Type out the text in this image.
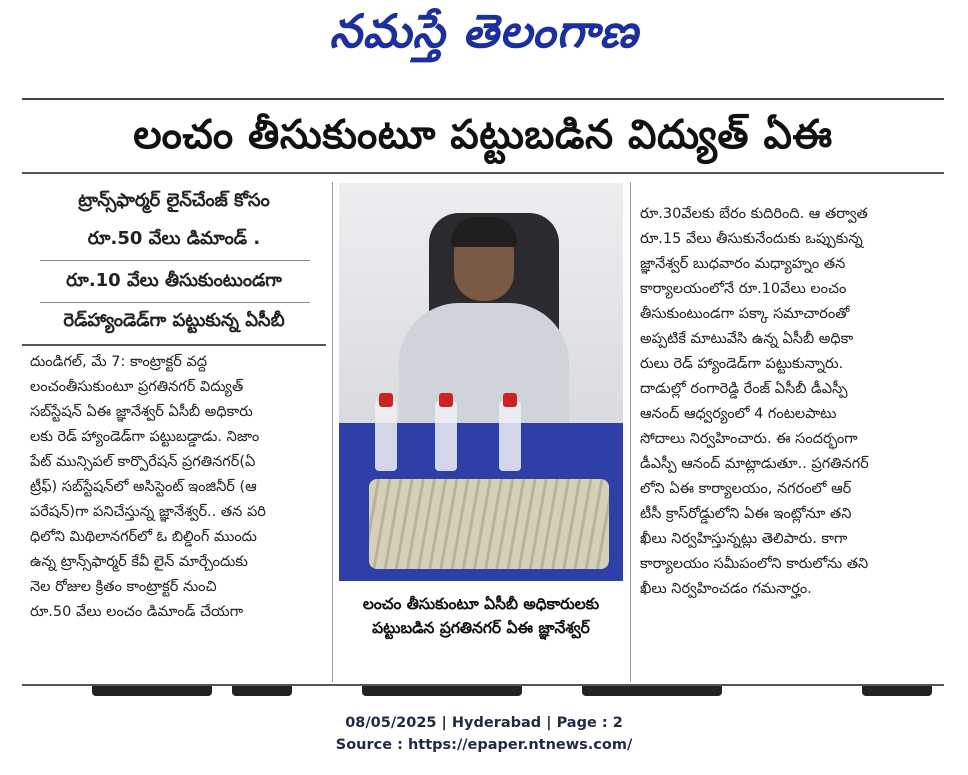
నమస్తే తెలంగాణ
లంచం తీసుకుంటూ పట్టుబడిన విద్యుత్ ఏఈ
ట్రాన్స్‌ఫార్మర్ లైన్‌చేంజ్ కోసం
రూ.50 వేలు డిమాండ్ .
రూ.10 వేలు తీసుకుంటుండగా
రెడ్‌హ్యాండెడ్‌గా పట్టుకున్న ఏసీబీ

దుండిగల్, మే 7: కాంట్రాక్టర్ వద్ద

లంచంతీసుకుంటూ ప్రగతినగర్ విద్యుత్

సబ్‌స్టేషన్ ఏఈ జ్ఞానేశ్వర్ ఏసీబీ అధికారు

లకు రెడ్ హ్యాండెడ్‌గా పట్టుబడ్డాడు. నిజాం

పేట్ మున్సిపల్ కార్పొరేషన్ ప్రగతినగర్(ఏ

ట్రీఫ్) సబ్‌స్టేషన్‌లో అసిస్టెంట్ ఇంజినీర్ (ఆ

పరేషన్)గా పనిచేస్తున్న జ్ఞానేశ్వర్.. తన పరి

ధిలోని మిథిలానగర్‌లో ఓ బిల్డింగ్ ముందు

ఉన్న ట్రాన్స్‌ఫార్మర్ కేవీ లైన్ మార్చేందుకు

నెల రోజుల క్రితం కాంట్రాక్టర్ నుంచి

రూ.50 వేలు లంచం డిమాండ్ చేయగా	లంచం తీసుకుంటూ ఏసీబీ అధికారులకు
పట్టుబడిన ప్రగతినగర్ ఏఈ జ్ఞానేశ్వర్

రూ.30వేలకు బేరం కుదిరింది. ఆ తర్వాత

రూ.15 వేలు తీసుకునేందుకు ఒప్పుకున్న

జ్ఞానేశ్వర్ బుధవారం మధ్యాహ్నం తన

కార్యాలయంలోనే రూ.10వేలు లంచం

తీసుకుంటుండగా పక్కా సమాచారంతో

అప్పటికే మాటువేసి ఉన్న ఏసీబీ అధికా

రులు రెడ్ హ్యాండెడ్‌గా పట్టుకున్నారు.

దాడుల్లో రంగారెడ్డి రేంజ్ ఏసీబీ డీఎస్పీ

ఆనంద్ ఆధ్వర్యంలో 4 గంటలపాటు

సోదాలు నిర్వహించారు. ఈ సందర్భంగా

డీఎస్పీ ఆనంద్ మాట్లాడుతూ.. ప్రగతినగర్

లోని ఏఈ కార్యాలయం, నగరంలో ఆర్

టీసీ క్రాస్‌రోడ్డులోని ఏఈ ఇంట్లోనూ తని

ఖీలు నిర్వహిస్తున్నట్లు తెలిపారు. కాగా

కార్యాలయం సమీపంలోని కారులోను తని

ఖీలు నిర్వహించడం గమనార్హం.

08/05/2025 | Hyderabad | Page : 2
Source : https://epaper.ntnews.com/
